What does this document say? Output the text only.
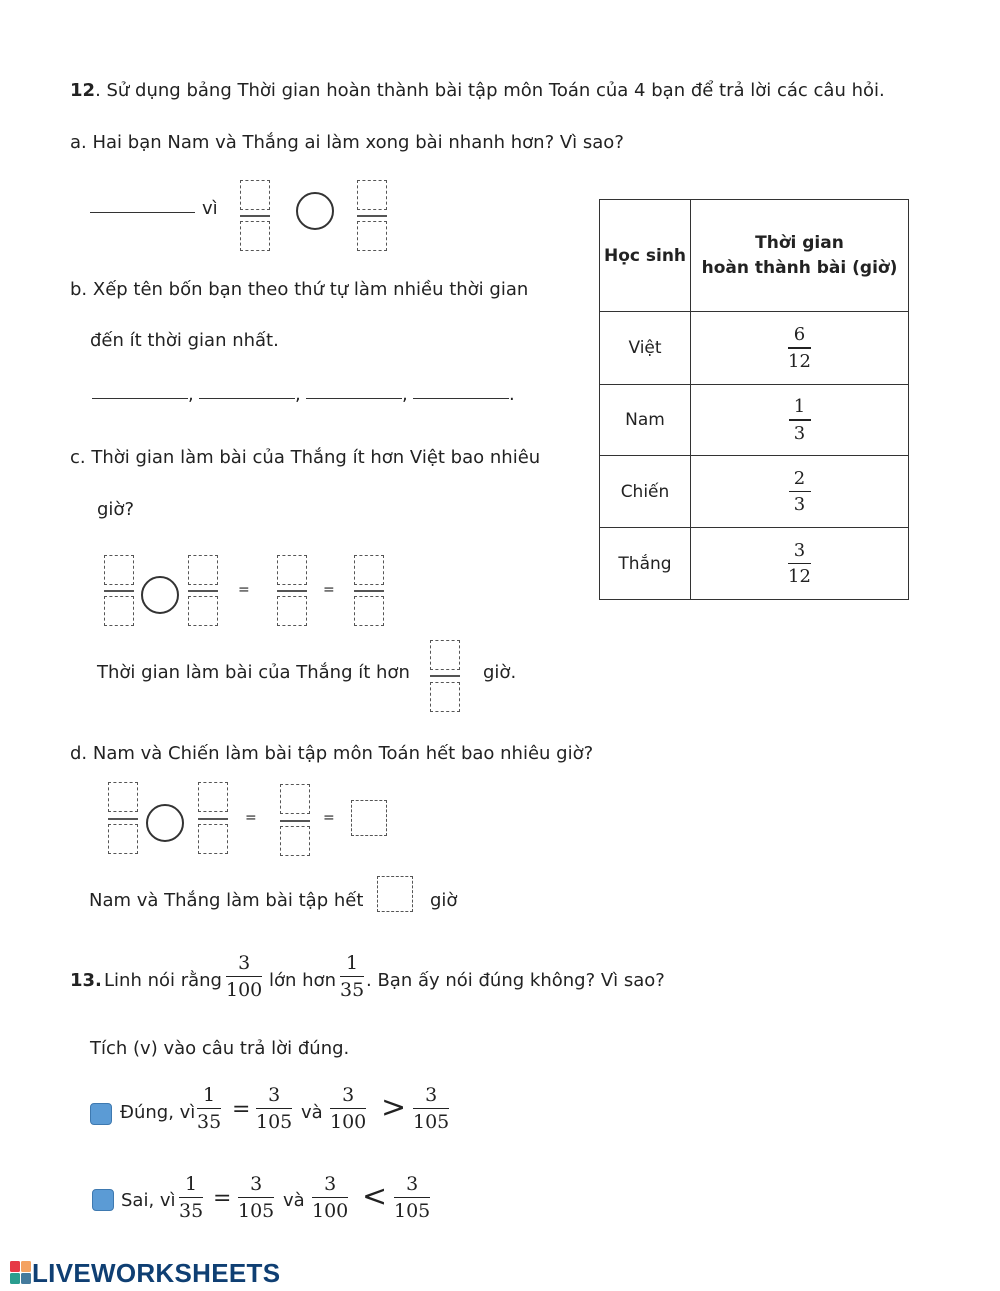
12. Sử dụng bảng Thời gian hoàn thành bài tập môn Toán của 4 bạn để trả lời các câu hỏi.
a. Hai bạn Nam và Thắng ai làm xong bài nhanh hơn? Vì sao?
vì
b. Xếp tên bốn bạn theo thứ tự làm nhiều thời gian
đến ít thời gian nhất.
,	,	,	.
c. Thời gian làm bài của Thắng ít hơn Việt bao nhiêu
giờ?
=	=
Thời gian làm bài của Thắng ít hơn	giờ.
d. Nam và Chiến làm bài tập môn Toán hết bao nhiêu giờ?
=	=
Nam và Thắng làm bài tập hết	giờ
Học sinh	Thời gian
hoàn thành bài (giờ)

Việt	$\frac{6}{12}$

Nam	$\frac{1}{3}$

Chiến	$\frac{2}{3}$

Thắng	$\frac{3}{12}$
13. Linh nói rằng
3
100 lớn hơn
1
35 . Bạn ấy nói đúng không? Vì sao?
Tích (v) vào câu trả lời đúng.
Đúng, vì
1
35
=
3
105 và
3
100 > 3
105
Sai, vì
1
35
=
3
105 và
3
100 < 3
105
LIVEWORKSHEETS
